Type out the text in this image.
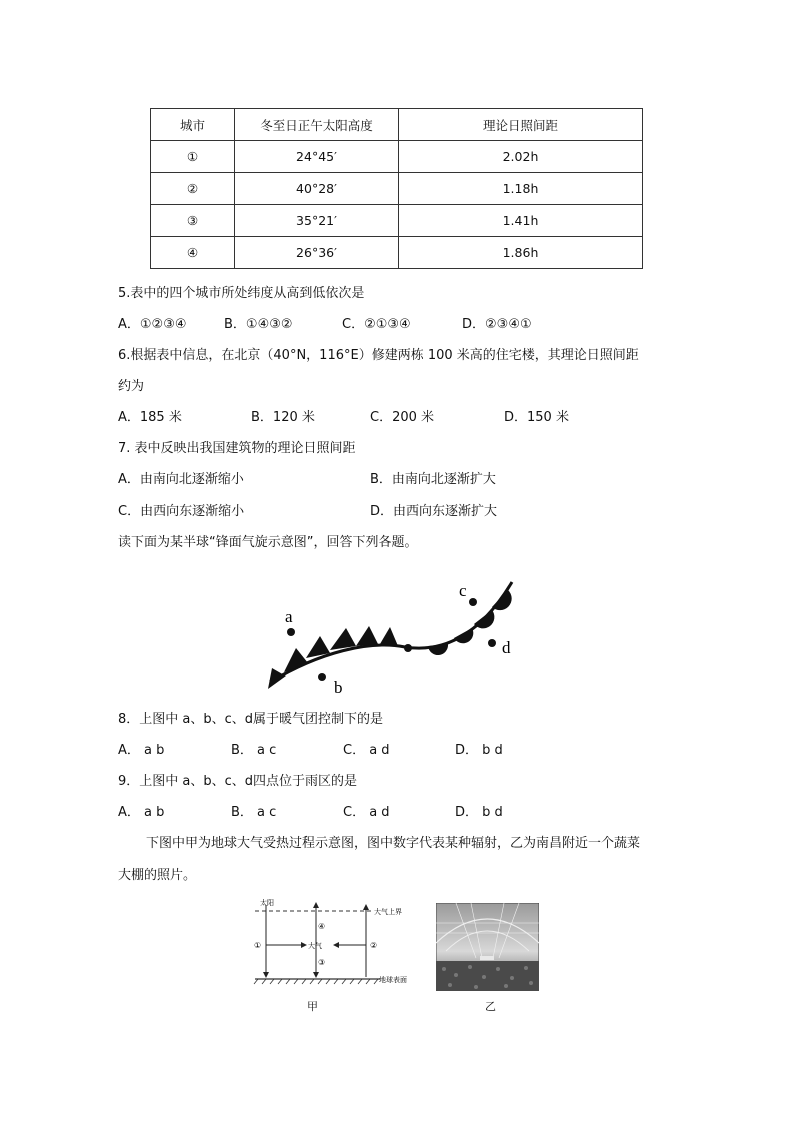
城市	冬至日正午太阳高度	理论日照间距
①	24°45′	2.02h
②	40°28′	1.18h
③	35°21′	1.41h
④	26°36′	1.86h
5.表中的四个城市所处纬度从高到低依次是
A．①②③④	B．①④③②	C．②①③④	D．②③④①
6.根据表中信息，在北京（40°N，116°E）修建两栋 100 米高的住宅楼，其理论日照间距
约为
A．185 米	B．120 米	C．200 米	D．150 米
7. 表中反映出我国建筑物的理论日照间距
A．由南向北逐渐缩小	B．由南向北逐渐扩大
C．由西向东逐渐缩小	D．由西向东逐渐扩大
读下面为某半球“锋面气旋示意图”，回答下列各题。
a
b
c
d
8．上图中 a、b、c、d属于暖气团控制下的是
A． a b	B． a c	C． a d	D． b d
9．上图中 a、b、c、d四点位于雨区的是
A． a b	B． a c	C． a d	D． b d
下图中甲为地球大气受热过程示意图，图中数字代表某种辐射，乙为南昌附近一个蔬菜
大棚的照片。
太阳
大气上界
地球表面
大气
①	②
③
④
甲	乙
